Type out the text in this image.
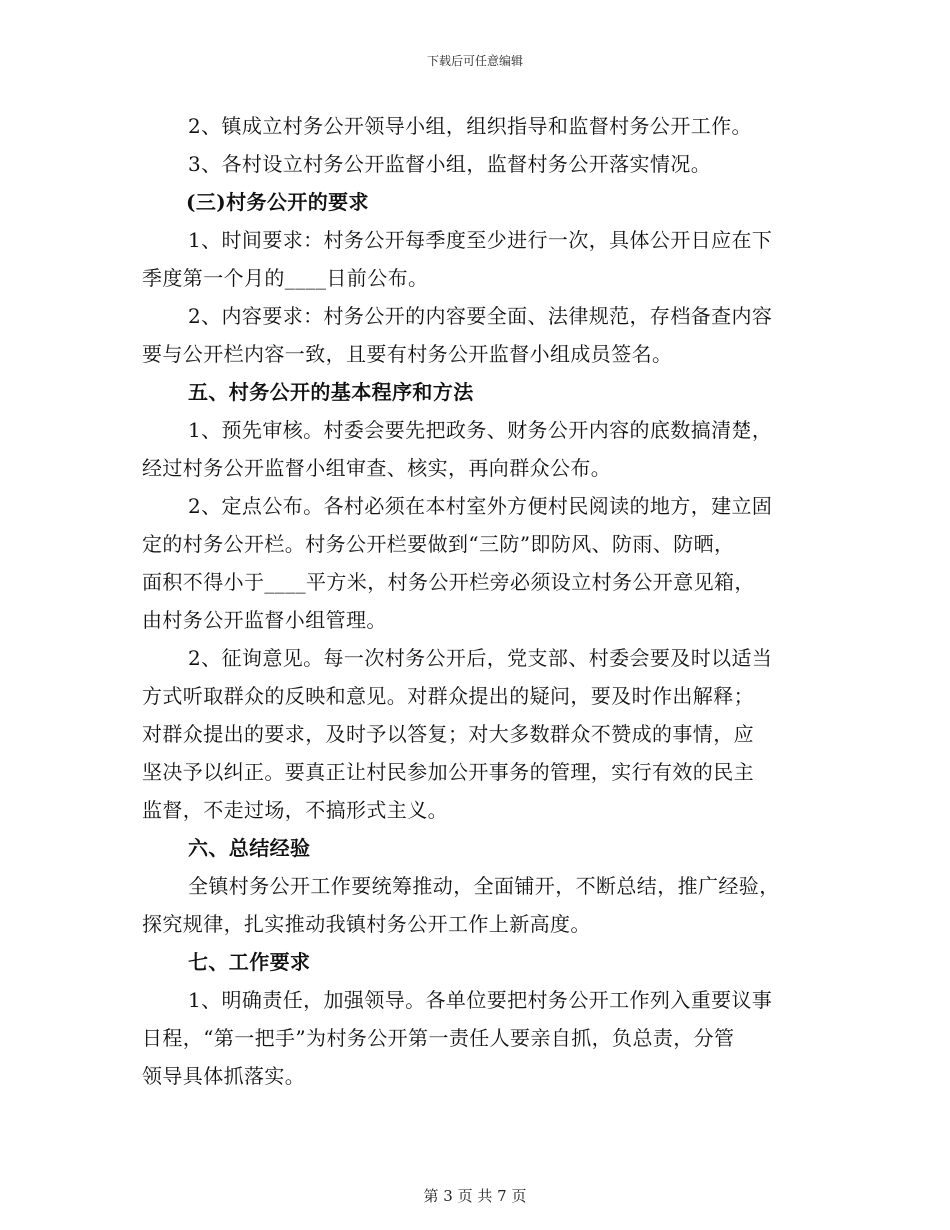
下载后可任意编辑
2、镇成立村务公开领导小组，组织指导和监督村务公开工作。
3、各村设立村务公开监督小组，监督村务公开落实情况。
(三)村务公开的要求
1、时间要求：村务公开每季度至少进行一次，具体公开日应在下
季度第一个月的____日前公布。
2、内容要求：村务公开的内容要全面、法律规范，存档备查内容
要与公开栏内容一致，且要有村务公开监督小组成员签名。
五、村务公开的基本程序和方法
1、预先审核。村委会要先把政务、财务公开内容的底数搞清楚，
经过村务公开监督小组审查、核实，再向群众公布。
2、定点公布。各村必须在本村室外方便村民阅读的地方，建立固
定的村务公开栏。村务公开栏要做到“三防”即防风、防雨、防晒，
面积不得小于____平方米，村务公开栏旁必须设立村务公开意见箱，
由村务公开监督小组管理。
2、征询意见。每一次村务公开后，党支部、村委会要及时以适当
方式听取群众的反映和意见。对群众提出的疑问，要及时作出解释；
对群众提出的要求，及时予以答复；对大多数群众不赞成的事情，应
坚决予以纠正。要真正让村民参加公开事务的管理，实行有效的民主
监督，不走过场，不搞形式主义。
六、总结经验
全镇村务公开工作要统筹推动，全面铺开，不断总结，推广经验，
探究规律，扎实推动我镇村务公开工作上新高度。
七、工作要求
1、明确责任，加强领导。各单位要把村务公开工作列入重要议事
日程，“第一把手”为村务公开第一责任人要亲自抓，负总责，分管
领导具体抓落实。
第 3 页 共 7 页
